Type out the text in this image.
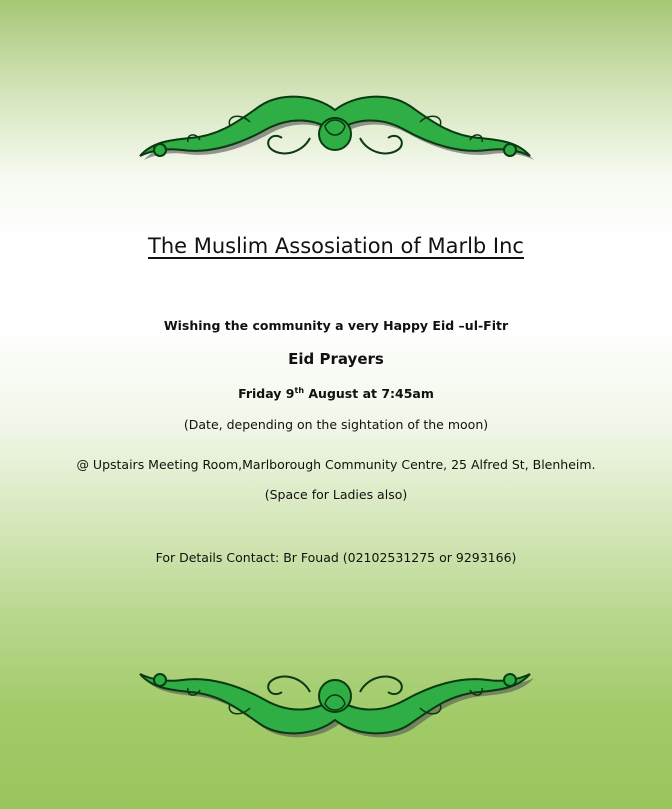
The Muslim Assosiation of Marlb Inc
Wishing the community a very Happy Eid –ul-Fitr
Eid Prayers
Friday 9th August at 7:45am
(Date, depending on the sightation of the moon)
@ Upstairs Meeting Room,Marlborough Community Centre, 25 Alfred St, Blenheim.
(Space for Ladies also)
For Details Contact: Br Fouad (02102531275 or 9293166)
